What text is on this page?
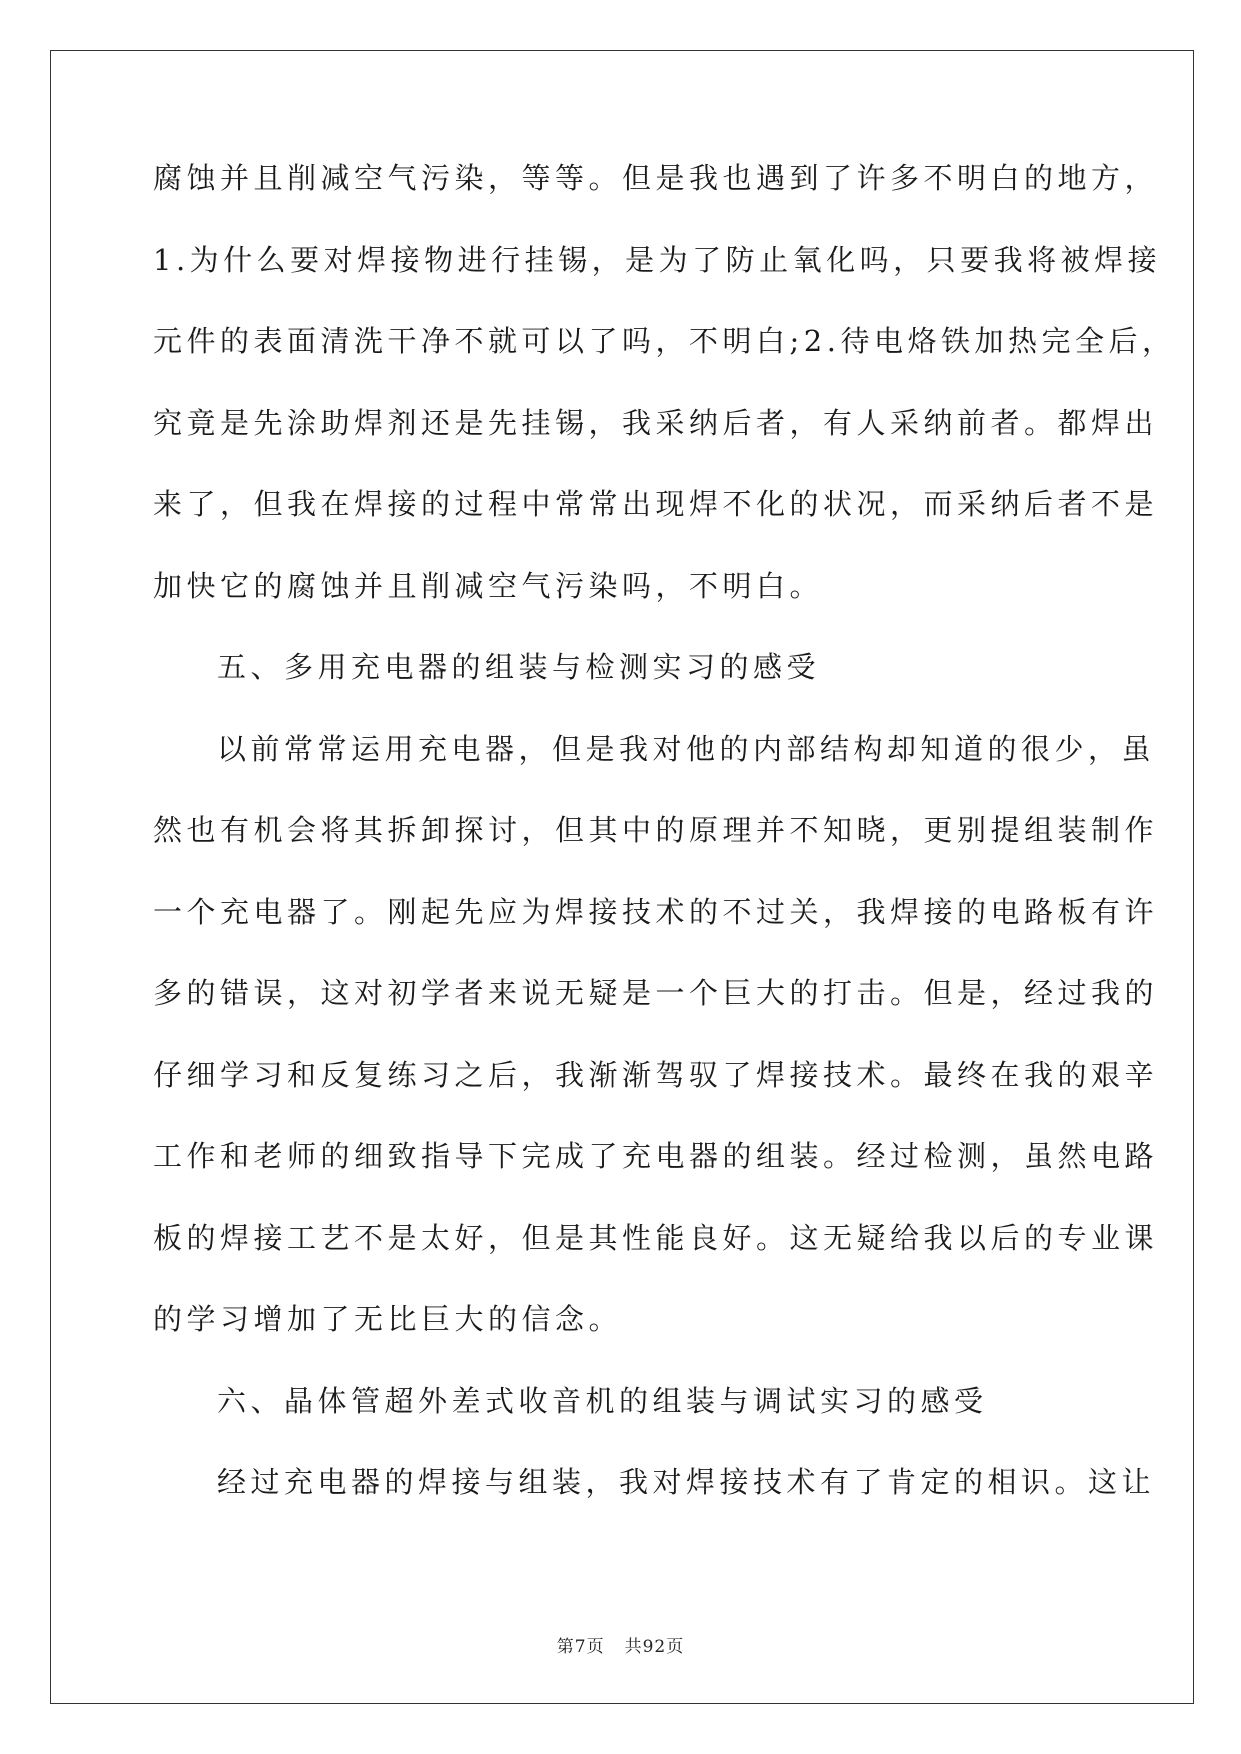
腐蚀并且削减空气污染，等等。但是我也遇到了许多不明白的地方，
1.为什么要对焊接物进行挂锡，是为了防止氧化吗，只要我将被焊接
元件的表面清洗干净不就可以了吗，不明白;2.待电烙铁加热完全后，
究竟是先涂助焊剂还是先挂锡，我采纳后者，有人采纳前者。都焊出
来了，但我在焊接的过程中常常出现焊不化的状况，而采纳后者不是
加快它的腐蚀并且削减空气污染吗，不明白。
五、多用充电器的组装与检测实习的感受
以前常常运用充电器，但是我对他的内部结构却知道的很少，虽
然也有机会将其拆卸探讨，但其中的原理并不知晓，更别提组装制作
一个充电器了。刚起先应为焊接技术的不过关，我焊接的电路板有许
多的错误，这对初学者来说无疑是一个巨大的打击。但是，经过我的
仔细学习和反复练习之后，我渐渐驾驭了焊接技术。最终在我的艰辛
工作和老师的细致指导下完成了充电器的组装。经过检测，虽然电路
板的焊接工艺不是太好，但是其性能良好。这无疑给我以后的专业课
的学习增加了无比巨大的信念。
六、晶体管超外差式收音机的组装与调试实习的感受
经过充电器的焊接与组装，我对焊接技术有了肯定的相识。这让
第7页 共92页
